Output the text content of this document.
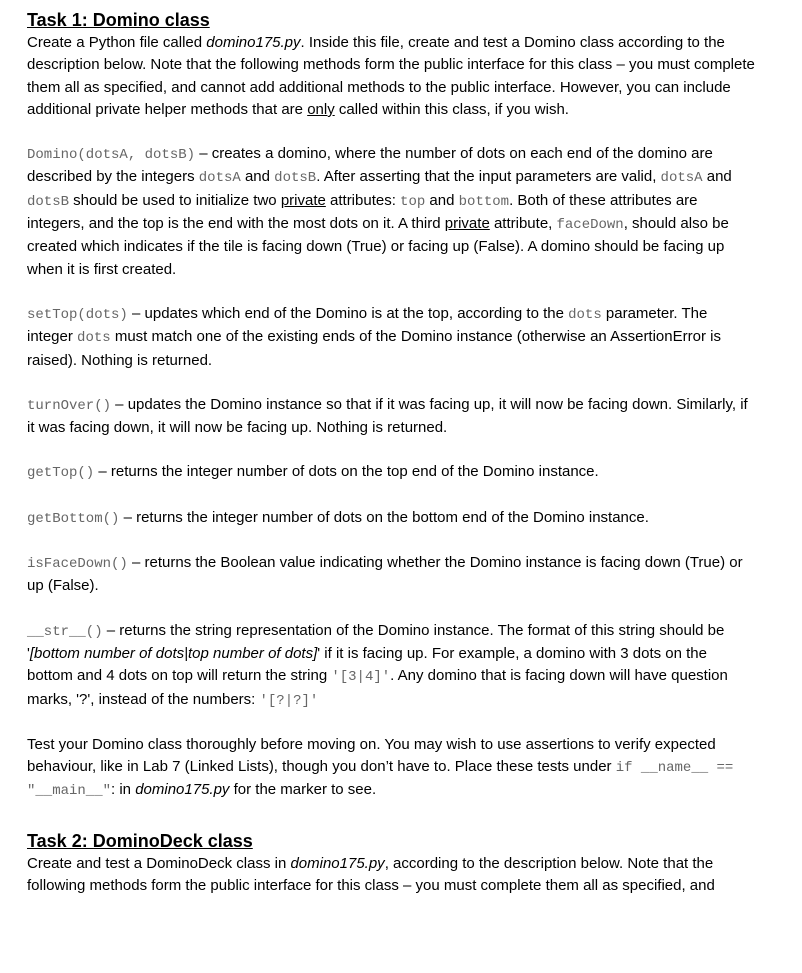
Task 1: Domino class

Create a Python file called domino175.py. Inside this file, create and test a Domino class according to the description below. Note that the following methods form the public interface for this class – you must complete them all as specified, and cannot add additional methods to the public interface. However, you can include additional private helper methods that are only called within this class, if you wish.

Domino(dotsA, dotsB) – creates a domino, where the number of dots on each end of the domino are described by the integers dotsA and dotsB. After asserting that the input parameters are valid, dotsA and dotsB should be used to initialize two private attributes: top and bottom. Both of these attributes are integers, and the top is the end with the most dots on it. A third private attribute, faceDown, should also be created which indicates if the tile is facing down (True) or facing up (False). A domino should be facing up when it is first created.

setTop(dots) – updates which end of the Domino is at the top, according to the dots parameter. The integer dots must match one of the existing ends of the Domino instance (otherwise an AssertionError is raised). Nothing is returned.

turnOver() – updates the Domino instance so that if it was facing up, it will now be facing down. Similarly, if it was facing down, it will now be facing up. Nothing is returned.

getTop() – returns the integer number of dots on the top end of the Domino instance.

getBottom() – returns the integer number of dots on the bottom end of the Domino instance.

isFaceDown() – returns the Boolean value indicating whether the Domino instance is facing down (True) or up (False).

__str__() – returns the string representation of the Domino instance. The format of this string should be '[bottom number of dots|top number of dots]' if it is facing up. For example, a domino with 3 dots on the bottom and 4 dots on top will return the string '[3|4]'. Any domino that is facing down will have question marks, '?', instead of the numbers: '[?|?]'

Test your Domino class thoroughly before moving on. You may wish to use assertions to verify expected behaviour, like in Lab 7 (Linked Lists), though you don’t have to. Place these tests under if __name__ == "__main__": in domino175.py for the marker to see.

Task 2: DominoDeck class

Create and test a DominoDeck class in domino175.py, according to the description below. Note that the following methods form the public interface for this class – you must complete them all as specified, and
